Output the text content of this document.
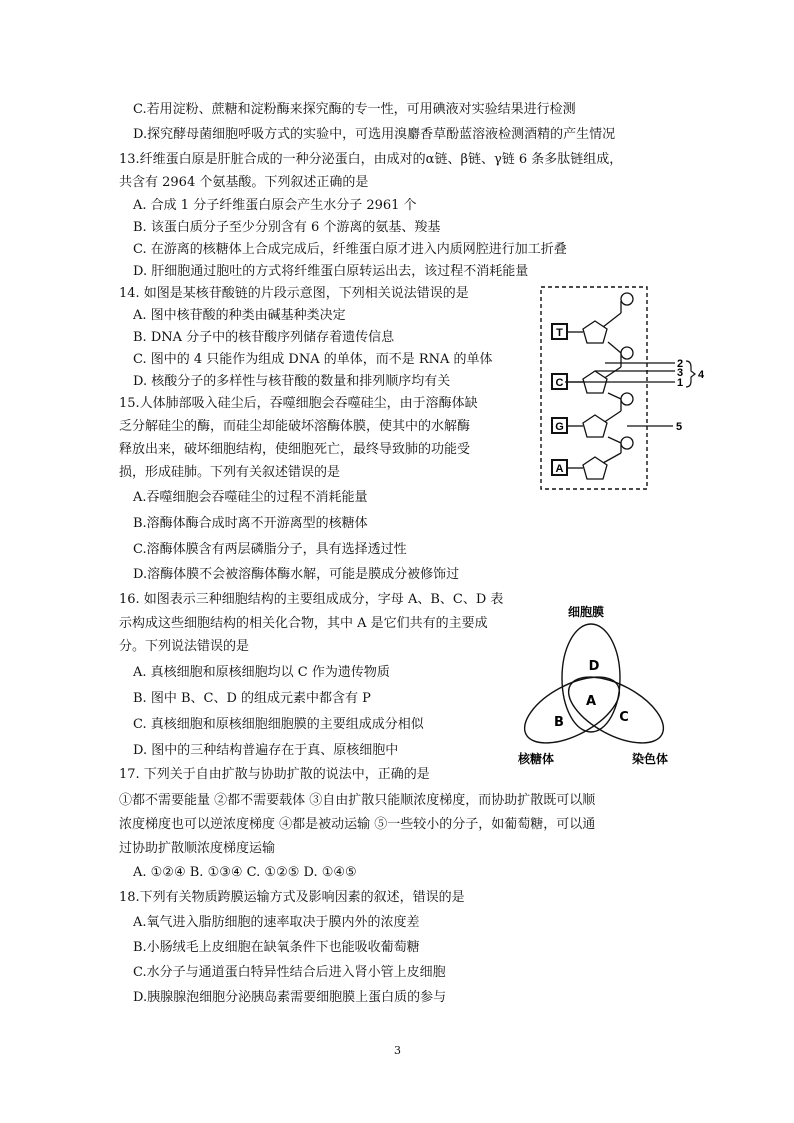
C.若用淀粉、蔗糖和淀粉酶来探究酶的专一性，可用碘液对实验结果进行检测
D.探究酵母菌细胞呼吸方式的实验中，可选用溴麝香草酚蓝溶液检测酒精的产生情况
13.纤维蛋白原是肝脏合成的一种分泌蛋白，由成对的α链、β链、γ链 6 条多肽链组成，
共含有 2964 个氨基酸。下列叙述正确的是
A. 合成 1 分子纤维蛋白原会产生水分子 2961 个
B. 该蛋白质分子至少分别含有 6 个游离的氨基、羧基
C. 在游离的核糖体上合成完成后，纤维蛋白原才进入内质网腔进行加工折叠
D. 肝细胞通过胞吐的方式将纤维蛋白原转运出去，该过程不消耗能量
14. 如图是某核苷酸链的片段示意图，下列相关说法错误的是
A. 图中核苷酸的种类由碱基种类决定
B. DNA 分子中的核苷酸序列储存着遗传信息
C. 图中的 4 只能作为组成 DNA 的单体，而不是 RNA 的单体
D. 核酸分子的多样性与核苷酸的数量和排列顺序均有关
T
C
G
A
2
3
1
4
5
15.人体肺部吸入硅尘后，吞噬细胞会吞噬硅尘，由于溶酶体缺
乏分解硅尘的酶，而硅尘却能破坏溶酶体膜，使其中的水解酶
释放出来，破坏细胞结构，使细胞死亡，最终导致肺的功能受
损，形成硅肺。下列有关叙述错误的是
A.吞噬细胞会吞噬硅尘的过程不消耗能量
B.溶酶体酶合成时离不开游离型的核糖体
C.溶酶体膜含有两层磷脂分子，具有选择透过性
D.溶酶体膜不会被溶酶体酶水解，可能是膜成分被修饰过
16. 如图表示三种细胞结构的主要组成成分，字母 A、B、C、D 表
示构成这些细胞结构的相关化合物，其中 A 是它们共有的主要成
分。下列说法错误的是
A. 真核细胞和原核细胞均以 C 作为遗传物质
B. 图中 B、C、D 的组成元素中都含有 P
C. 真核细胞和原核细胞细胞膜的主要组成成分相似
D. 图中的三种结构普遍存在于真、原核细胞中
细胞膜
D
A
B	C
核糖体	染色体
17. 下列关于自由扩散与协助扩散的说法中，正确的是
①都不需要能量 ②都不需要载体 ③自由扩散只能顺浓度梯度，而协助扩散既可以顺
浓度梯度也可以逆浓度梯度 ④都是被动运输 ⑤一些较小的分子，如葡萄糖，可以通
过协助扩散顺浓度梯度运输
A. ①②④ B. ①③④ C. ①②⑤ D. ①④⑤
18.下列有关物质跨膜运输方式及影响因素的叙述，错误的是
A.氧气进入脂肪细胞的速率取决于膜内外的浓度差
B.小肠绒毛上皮细胞在缺氧条件下也能吸收葡萄糖
C.水分子与通道蛋白特异性结合后进入肾小管上皮细胞
D.胰腺腺泡细胞分泌胰岛素需要细胞膜上蛋白质的参与
3
